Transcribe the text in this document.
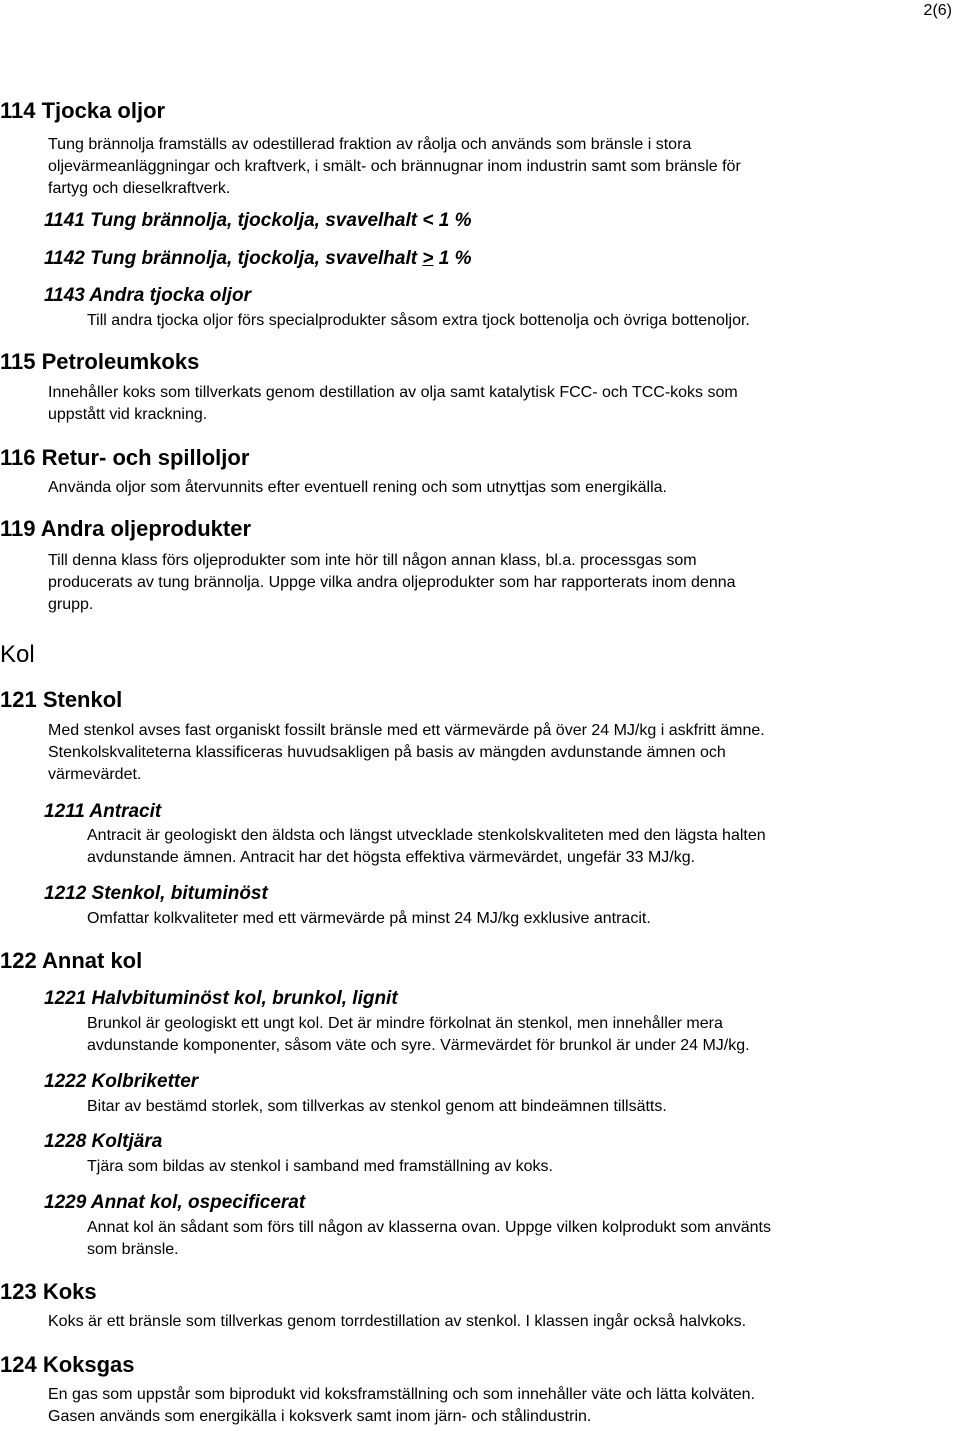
2(6)
114 Tjocka oljor
Tung brännolja framställs av odestillerad fraktion av råolja och används som bränsle i stora
oljevärmeanläggningar och kraftverk, i smält- och brännugnar inom industrin samt som bränsle för
fartyg och dieselkraftverk.
1141 Tung brännolja, tjockolja, svavelhalt < 1 %
1142 Tung brännolja, tjockolja, svavelhalt > 1 %
1143 Andra tjocka oljor
Till andra tjocka oljor förs specialprodukter såsom extra tjock bottenolja och övriga bottenoljor.
115 Petroleumkoks
Innehåller koks som tillverkats genom destillation av olja samt katalytisk FCC- och TCC-koks som
uppstått vid krackning.
116 Retur- och spilloljor
Använda oljor som återvunnits efter eventuell rening och som utnyttjas som energikälla.
119 Andra oljeprodukter
Till denna klass förs oljeprodukter som inte hör till någon annan klass, bl.a. processgas som
producerats av tung brännolja. Uppge vilka andra oljeprodukter som har rapporterats inom denna
grupp.
Kol
121 Stenkol
Med stenkol avses fast organiskt fossilt bränsle med ett värmevärde på över 24 MJ/kg i askfritt ämne.
Stenkolskvaliteterna klassificeras huvudsakligen på basis av mängden avdunstande ämnen och
värmevärdet.
1211 Antracit
Antracit är geologiskt den äldsta och längst utvecklade stenkolskvaliteten med den lägsta halten
avdunstande ämnen. Antracit har det högsta effektiva värmevärdet, ungefär 33 MJ/kg.
1212 Stenkol, bituminöst
Omfattar kolkvaliteter med ett värmevärde på minst 24 MJ/kg exklusive antracit.
122 Annat kol
1221 Halvbituminöst kol, brunkol, lignit
Brunkol är geologiskt ett ungt kol. Det är mindre förkolnat än stenkol, men innehåller mera
avdunstande komponenter, såsom väte och syre. Värmevärdet för brunkol är under 24 MJ/kg.
1222 Kolbriketter
Bitar av bestämd storlek, som tillverkas av stenkol genom att bindeämnen tillsätts.
1228 Koltjära
Tjära som bildas av stenkol i samband med framställning av koks.
1229 Annat kol, ospecificerat
Annat kol än sådant som förs till någon av klasserna ovan. Uppge vilken kolprodukt som använts
som bränsle.
123 Koks
Koks är ett bränsle som tillverkas genom torrdestillation av stenkol. I klassen ingår också halvkoks.
124 Koksgas
En gas som uppstår som biprodukt vid koksframställning och som innehåller väte och lätta kolväten.
Gasen används som energikälla i koksverk samt inom järn- och stålindustrin.
